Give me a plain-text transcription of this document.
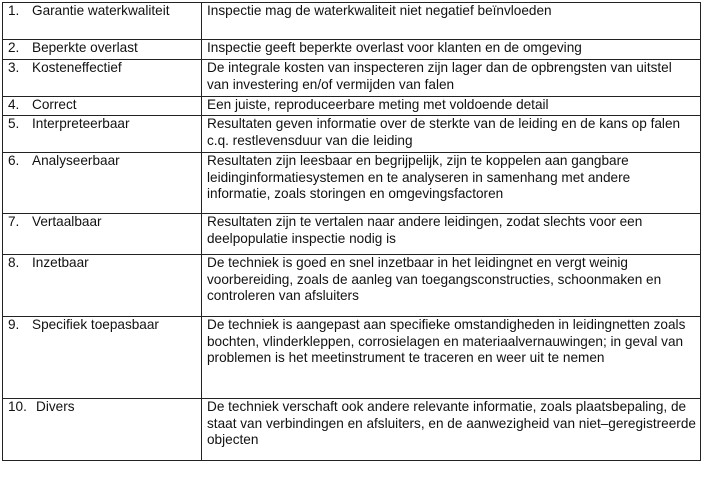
1. Garantie waterkwaliteit	Inspectie mag de waterkwaliteit niet negatief beïnvloeden
2. Beperkte overlast	Inspectie geeft beperkte overlast voor klanten en de omgeving
3. Kosteneffectief	De integrale kosten van inspecteren zijn lager dan de opbrengsten van uitstel van investering en/of vermijden van falen
4. Correct	Een juiste, reproduceerbare meting met voldoende detail
5. Interpreteerbaar	Resultaten geven informatie over de sterkte van de leiding en de kans op falen c.q. restlevensduur van die leiding
6. Analyseerbaar	Resultaten zijn leesbaar en begrijpelijk, zijn te koppelen aan gangbare leidinginformatiesystemen en te analyseren in samenhang met andere informatie, zoals storingen en omgevingsfactoren
7. Vertaalbaar	Resultaten zijn te vertalen naar andere leidingen, zodat slechts voor een deelpopulatie inspectie nodig is
8. Inzetbaar	De techniek is goed en snel inzetbaar in het leidingnet en vergt weinig voorbereiding, zoals de aanleg van toegangsconstructies, schoonmaken en controleren van afsluiters
9. Specifiek toepasbaar	De techniek is aangepast aan specifieke omstandigheden in leidingnetten zoals bochten, vlinderkleppen, corrosielagen en materiaalvernauwingen; in geval van problemen is het meetinstrument te traceren en weer uit te nemen
10. Divers	De techniek verschaft ook andere relevante informatie, zoals plaatsbepaling, de staat van verbindingen en afsluiters, en de aanwezigheid van niet–geregistreerde objecten
